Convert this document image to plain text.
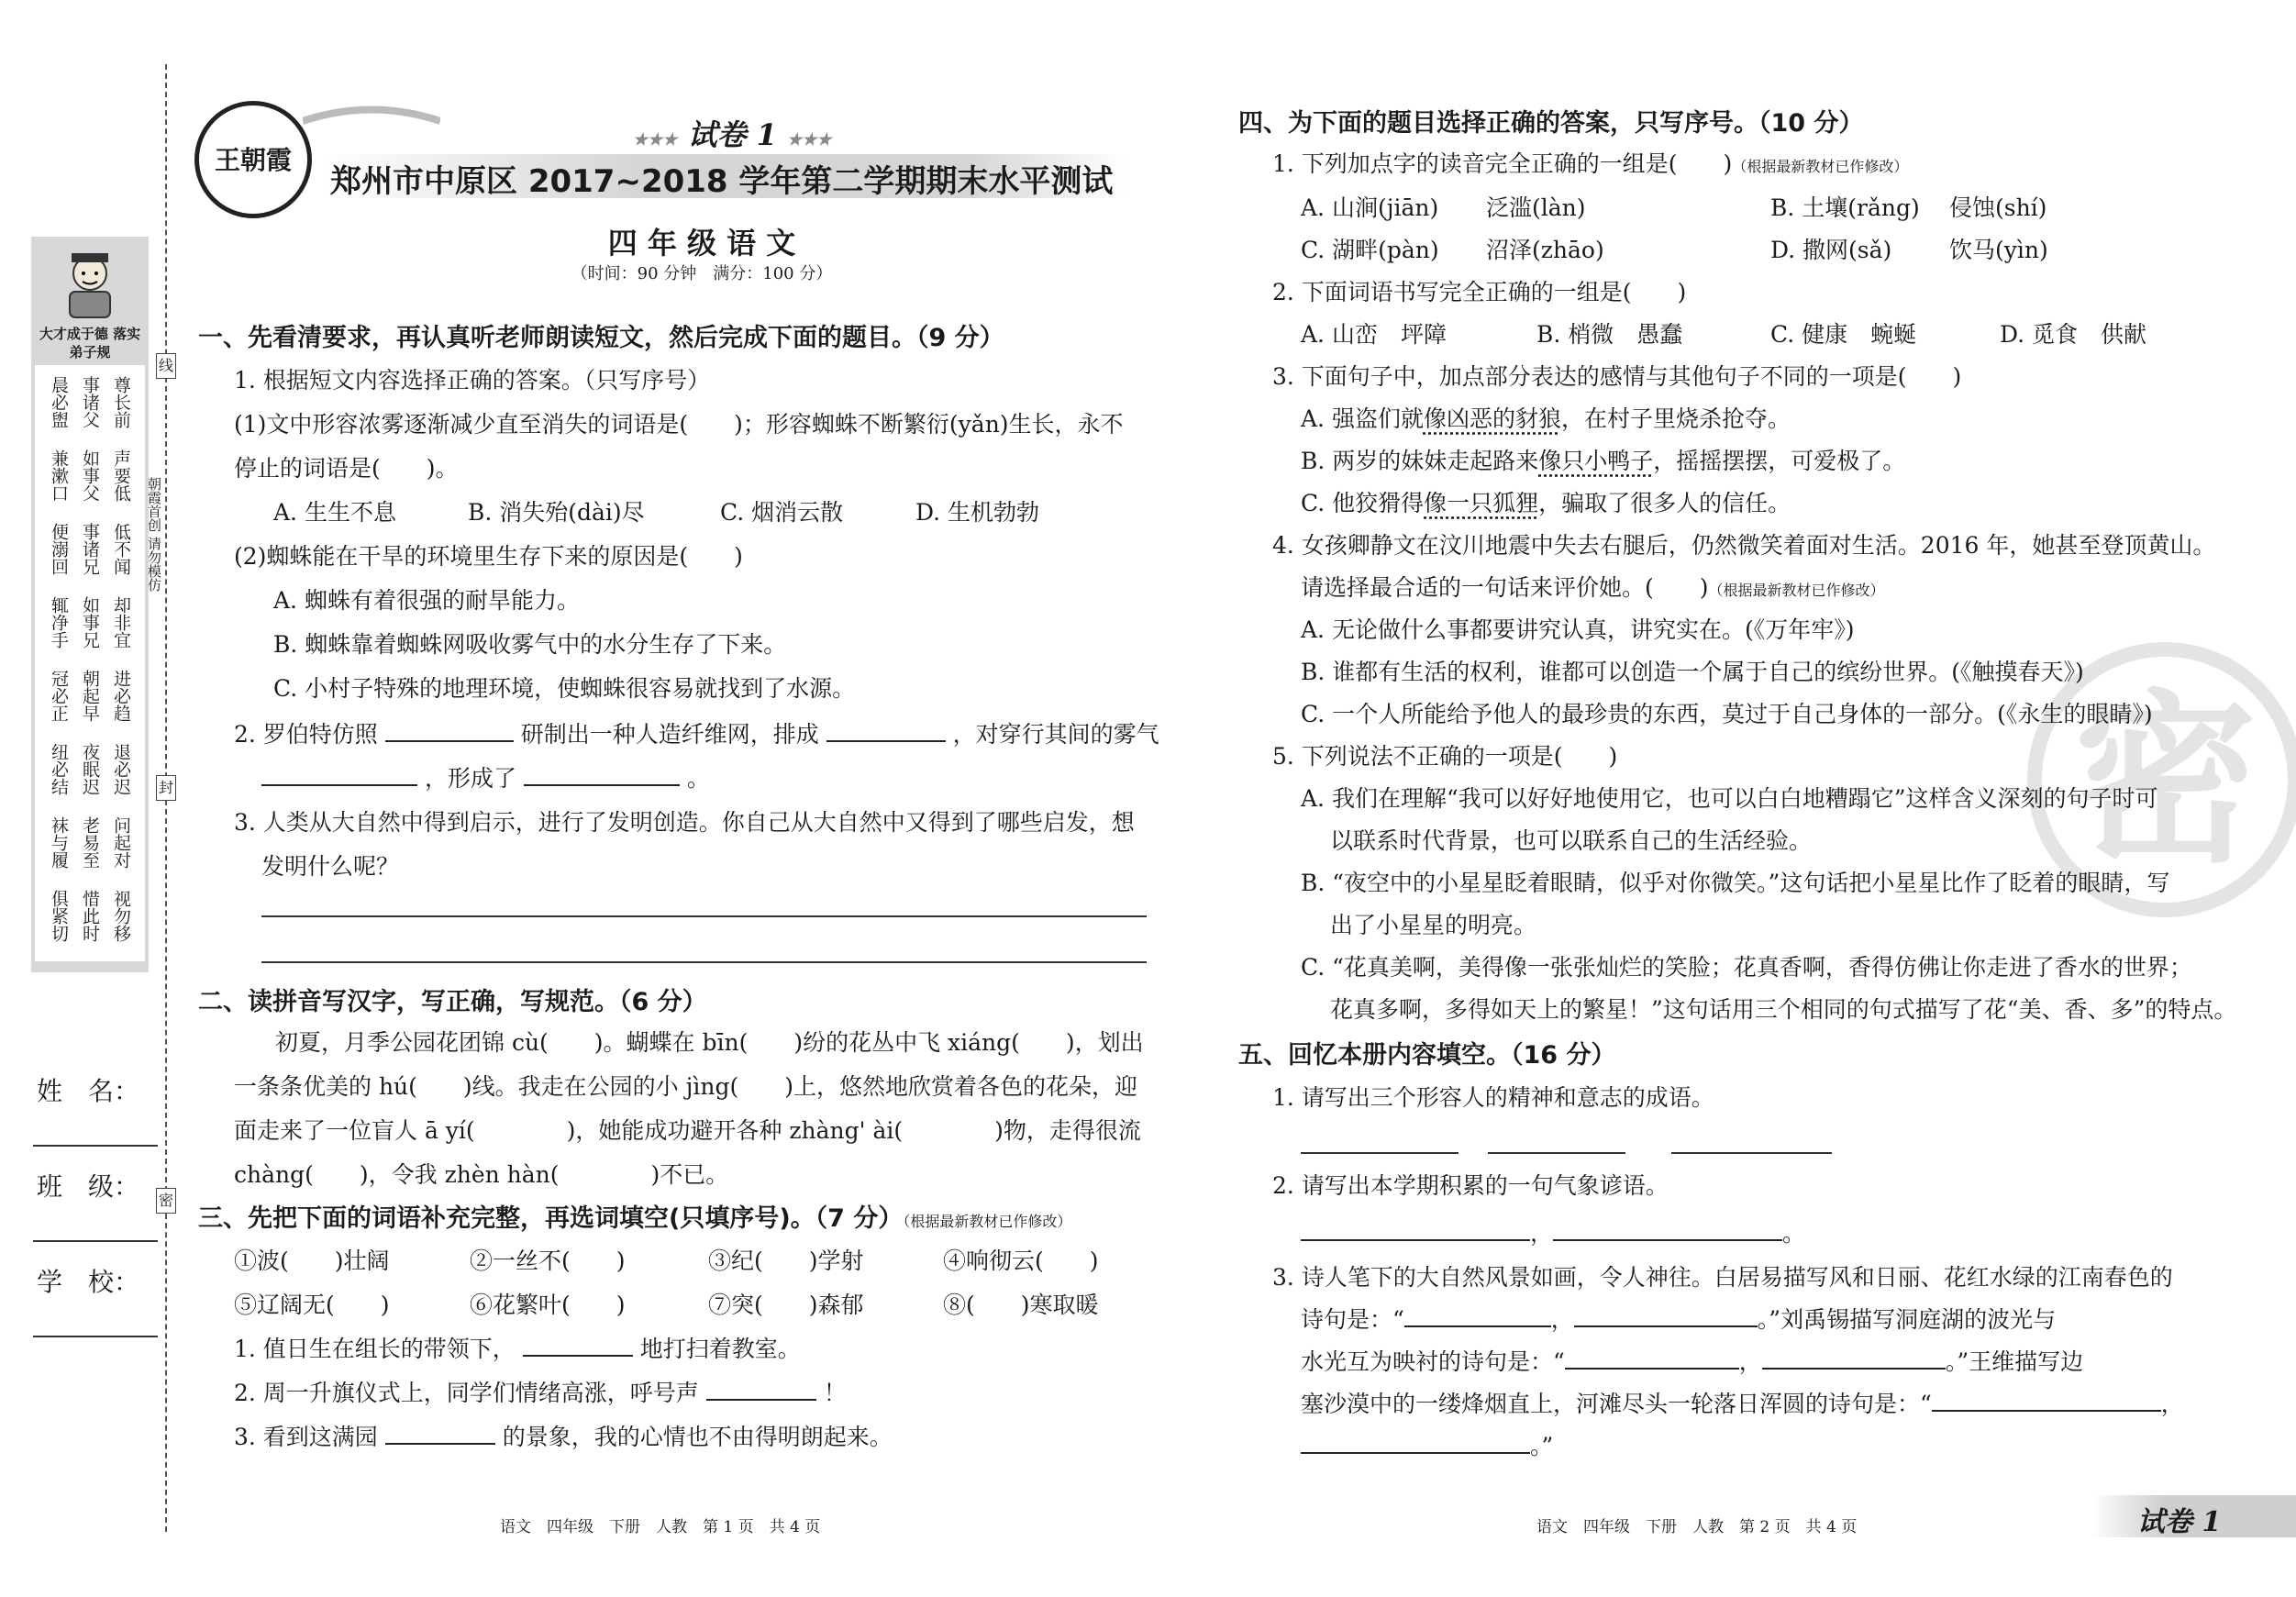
大才成于德 落实弟子规
晨必盥
兼漱口
便溺回
辄净手
冠必正
纽必结
袜与履
俱紧切
事诸父
如事父
事诸兄
如事兄
朝起早
夜眠迟
老易至
惜此时
尊长前
声要低
低不闻
却非宜
进必趋
退必迟
问起对
视勿移
线
封
密
朝霞首创 请勿模仿
姓　名：
班　级：
学　校：
王朝霞
★★★ 试卷 1 ★★★
郑州市中原区 2017~2018 学年第二学期期末水平测试
四 年 级 语 文
（时间：90 分钟　满分：100 分）
一、先看清要求，再认真听老师朗读短文，然后完成下面的题目。（9 分）
1. 根据短文内容选择正确的答案。（只写序号）
(1)文中形容浓雾逐渐减少直至消失的词语是(　　)；形容蜘蛛不断繁衍(yǎn)生长，永不
停止的词语是(　　)。
A. 生生不息	B. 消失殆(dài)尽	C. 烟消云散	D. 生机勃勃
(2)蜘蛛能在干旱的环境里生存下来的原因是(　　)
A. 蜘蛛有着很强的耐旱能力。
B. 蜘蛛靠着蜘蛛网吸收雾气中的水分生存了下来。
C. 小村子特殊的地理环境，使蜘蛛很容易就找到了水源。
2. 罗伯特仿照	研制出一种人造纤维网，排成	，对穿行其间的雾气
，形成了	。
3. 人类从大自然中得到启示，进行了发明创造。你自己从大自然中又得到了哪些启发，想
发明什么呢？
二、读拼音写汉字，写正确，写规范。（6 分）
初夏，月季公园花团锦 cù(　　)。蝴蝶在 bīn(　　)纷的花丛中飞 xiáng(　　)，划出
一条条优美的 hú(　　)线。我走在公园的小 jìng(　　)上，悠然地欣赏着各色的花朵，迎
面走来了一位盲人 ā yí(　　　　)，她能成功避开各种 zhàng' ài(　　　　)物，走得很流
chàng(　　)，令我 zhèn hàn(　　　　)不已。
三、先把下面的词语补充完整，再选词填空(只填序号)。（7 分）（根据最新教材已作修改）
①波(　　)壮阔	②一丝不(　　)	③纪(　　)学射	④响彻云(　　)
⑤辽阔无(　　)	⑥花繁叶(　　)	⑦突(　　)森郁	⑧(　　)寒取暖
1. 值日生在组长的带领下，	地打扫着教室。
2. 周一升旗仪式上，同学们情绪高涨，呼号声	！
3. 看到这满园	的景象，我的心情也不由得明朗起来。
语文　四年级　下册　人教　第 1 页　共 4 页
密
四、为下面的题目选择正确的答案，只写序号。（10 分）
1. 下列加点字的读音完全正确的一组是(　　)（根据最新教材已作修改）
A. 山涧(jiān) 泛滥(làn)	B. 土壤(rǎng) 侵蚀(shí)
C. 湖畔(pàn) 沼泽(zhāo)	D. 撒网(sǎ)	饮马(yìn)
2. 下面词语书写完全正确的一组是(　　)
A. 山峦　坪障	B. 梢微　愚蠢	C. 健康　蜿蜒	D. 觅食　供献
3. 下面句子中，加点部分表达的感情与其他句子不同的一项是(　　)
A. 强盗们就像凶恶的豺狼，在村子里烧杀抢夺。
B. 两岁的妹妹走起路来像只小鸭子，摇摇摆摆，可爱极了。
C. 他狡猾得像一只狐狸，骗取了很多人的信任。
4. 女孩卿静文在汶川地震中失去右腿后，仍然微笑着面对生活。2016 年，她甚至登顶黄山。
请选择最合适的一句话来评价她。(　　)（根据最新教材已作修改）
A. 无论做什么事都要讲究认真，讲究实在。(《万年牢》)
B. 谁都有生活的权利，谁都可以创造一个属于自己的缤纷世界。(《触摸春天》)
C. 一个人所能给予他人的最珍贵的东西，莫过于自己身体的一部分。(《永生的眼睛》)
5. 下列说法不正确的一项是(　　)
A. 我们在理解“我可以好好地使用它，也可以白白地糟蹋它”这样含义深刻的句子时可
以联系时代背景，也可以联系自己的生活经验。
B. “夜空中的小星星眨着眼睛，似乎对你微笑。”这句话把小星星比作了眨着的眼睛，写
出了小星星的明亮。
C. “花真美啊，美得像一张张灿烂的笑脸；花真香啊，香得仿佛让你走进了香水的世界；
花真多啊，多得如天上的繁星！”这句话用三个相同的句式描写了花“美、香、多”的特点。
五、回忆本册内容填空。（16 分）
1. 请写出三个形容人的精神和意志的成语。
2. 请写出本学期积累的一句气象谚语。
，	。
3. 诗人笔下的大自然风景如画，令人神往。白居易描写风和日丽、花红水绿的江南春色的
诗句是：“	，	。”刘禹锡描写洞庭湖的波光与
水光互为映衬的诗句是：“	，	。”王维描写边
塞沙漠中的一缕烽烟直上，河滩尽头一轮落日浑圆的诗句是：“	，
。”
语文　四年级　下册　人教　第 2 页　共 4 页	试卷 1
